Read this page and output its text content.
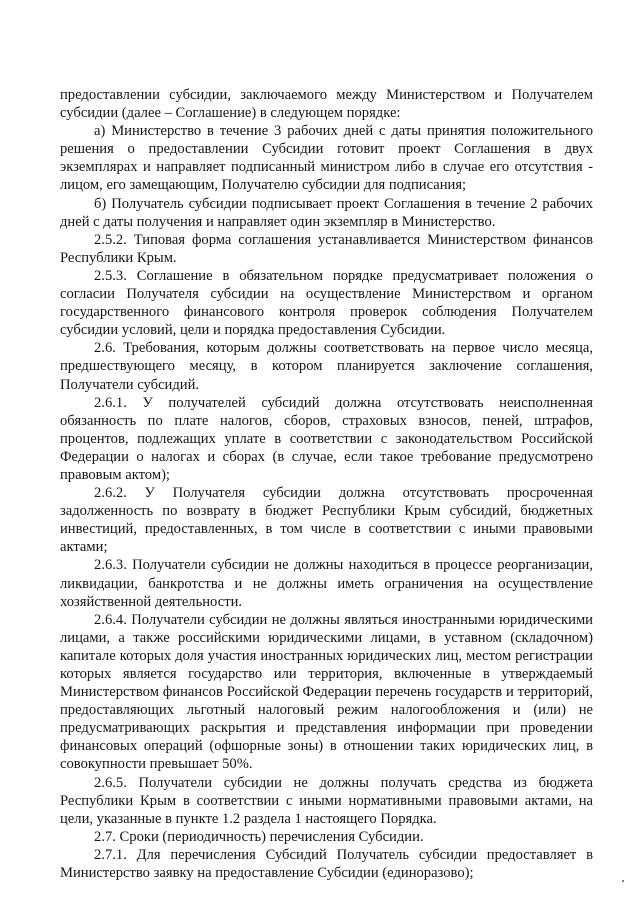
предоставлении субсидии, заключаемого между Министерством и Получателем субсидии (далее – Соглашение) в следующем порядке:

а) Министерство в течение 3 рабочих дней с даты принятия положительного решения о предоставлении Субсидии готовит проект Соглашения в двух экземплярах и направляет подписанный министром либо в случае его отсутствия - лицом, его замещающим, Получателю субсидии для подписания;

б) Получатель субсидии подписывает проект Соглашения в течение 2 рабочих дней с даты получения и направляет один экземпляр в Министерство.

2.5.2. Типовая форма соглашения устанавливается Министерством финансов Республики Крым.

2.5.3. Соглашение в обязательном порядке предусматривает положения о согласии Получателя субсидии на осуществление Министерством и органом государственного финансового контроля проверок соблюдения Получателем субсидии условий, цели и порядка предоставления Субсидии.

2.6. Требования, которым должны соответствовать на первое число месяца, предшествующего месяцу, в котором планируется заключение соглашения, Получатели субсидий.

2.6.1. У получателей субсидий должна отсутствовать неисполненная обязанность по плате налогов, сборов, страховых взносов, пеней, штрафов, процентов, подлежащих уплате в соответствии с законодательством Российской Федерации о налогах и сборах (в случае, если такое требование предусмотрено правовым актом);

2.6.2. У Получателя субсидии должна отсутствовать просроченная задолженность по возврату в бюджет Республики Крым субсидий, бюджетных инвестиций, предоставленных, в том числе в соответствии с иными правовыми актами;

2.6.3. Получатели субсидии не должны находиться в процессе реорганизации, ликвидации, банкротства и не должны иметь ограничения на осуществление хозяйственной деятельности.

2.6.4. Получатели субсидии не должны являться иностранными юридическими лицами, а также российскими юридическими лицами, в уставном (складочном) капитале которых доля участия иностранных юридических лиц, местом регистрации которых является государство или территория, включенные в утверждаемый Министерством финансов Российской Федерации перечень государств и территорий, предоставляющих льготный налоговый режим налогообложения и (или) не предусматривающих раскрытия и представления информации при проведении финансовых операций (офшорные зоны) в отношении таких юридических лиц, в совокупности превышает 50%.

2.6.5. Получатели субсидии не должны получать средства из бюджета Республики Крым в соответствии с иными нормативными правовыми актами, на цели, указанные в пункте 1.2 раздела 1 настоящего Порядка.

2.7. Сроки (периодичность) перечисления Субсидии.

2.7.1. Для перечисления Субсидий Получатель субсидии предоставляет в Министерство заявку на предоставление Субсидии (единоразово);
